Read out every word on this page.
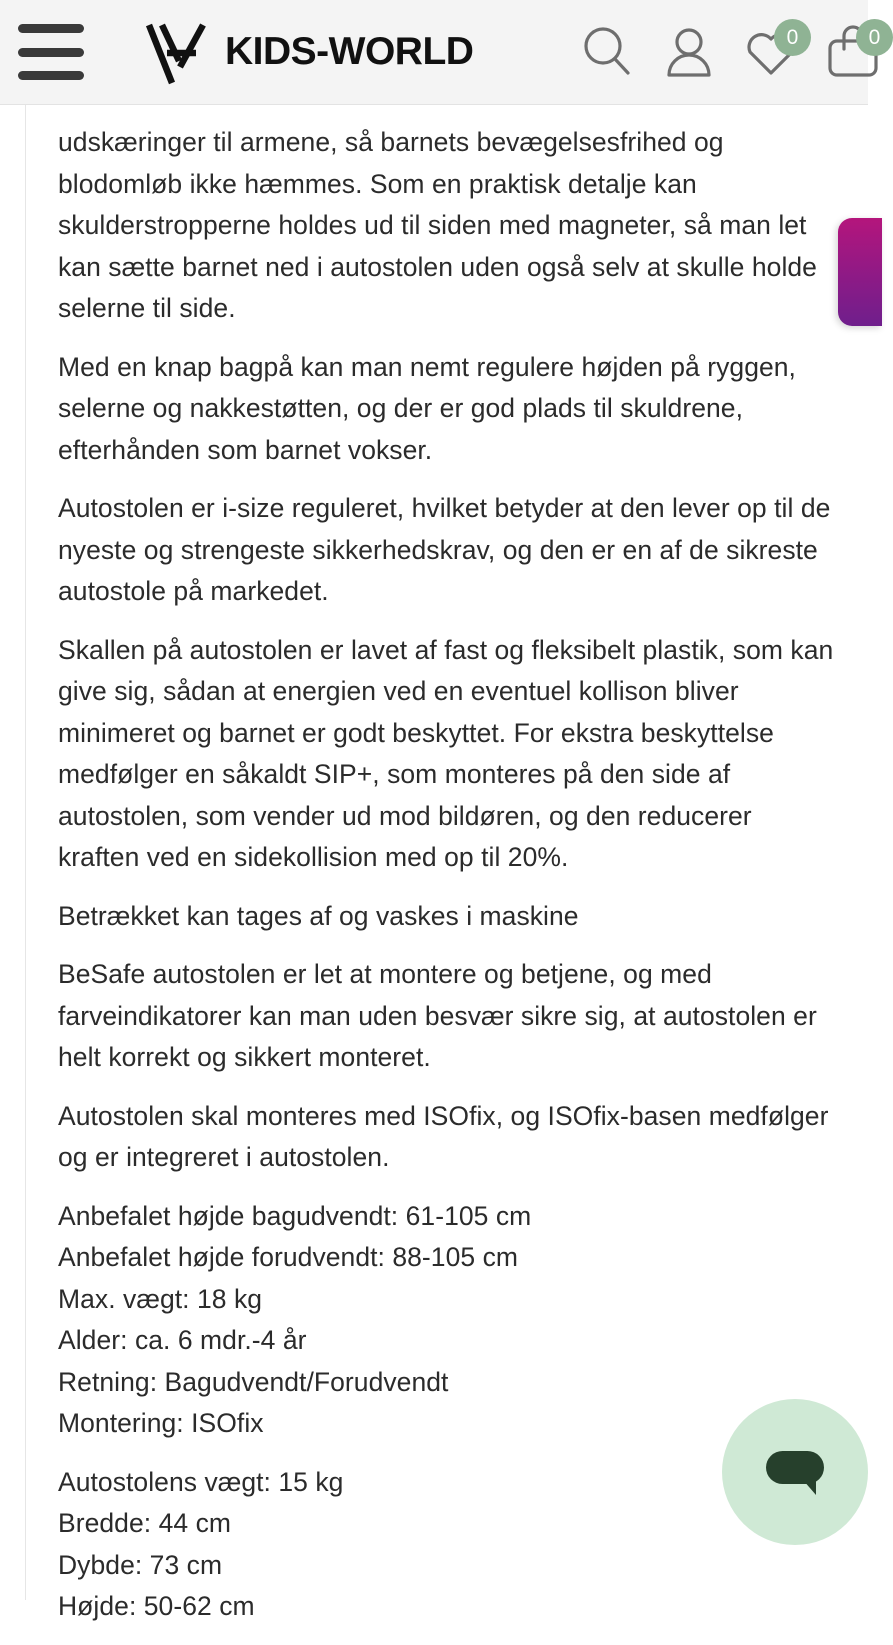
KIDS-WORLD	0	0

udskæringer til armene, så barnets bevægelsesfrihed og blodomløb ikke hæmmes. Som en praktisk detalje kan skulderstropperne holdes ud til siden med magneter, så man let kan sætte barnet ned i autostolen uden også selv at skulle holde selerne til side.

Med en knap bagpå kan man nemt regulere højden på ryggen, selerne og nakkestøtten, og der er god plads til skuldrene, efterhånden som barnet vokser.

Autostolen er i-size reguleret, hvilket betyder at den lever op til de nyeste og strengeste sikkerhedskrav, og den er en af de sikreste autostole på markedet.

Skallen på autostolen er lavet af fast og fleksibelt plastik, som kan give sig, sådan at energien ved en eventuel kollison bliver minimeret og barnet er godt beskyttet. For ekstra beskyttelse medfølger en såkaldt SIP+, som monteres på den side af autostolen, som vender ud mod bildøren, og den reducerer kraften ved en sidekollision med op til 20%.

Betrækket kan tages af og vaskes i maskine

BeSafe autostolen er let at montere og betjene, og med farveindikatorer kan man uden besvær sikre sig, at autostolen er helt korrekt og sikkert monteret.

Autostolen skal monteres med ISOfix, og ISOfix-basen medfølger og er integreret i autostolen.

Anbefalet højde bagudvendt: 61-105 cm
Anbefalet højde forudvendt: 88-105 cm
Max. vægt: 18 kg
Alder: ca. 6 mdr.-4 år
Retning: Bagudvendt/Forudvendt
Montering: ISOfix
Autostolens vægt: 15 kg
Bredde: 44 cm
Dybde: 73 cm
Højde: 50-62 cm
